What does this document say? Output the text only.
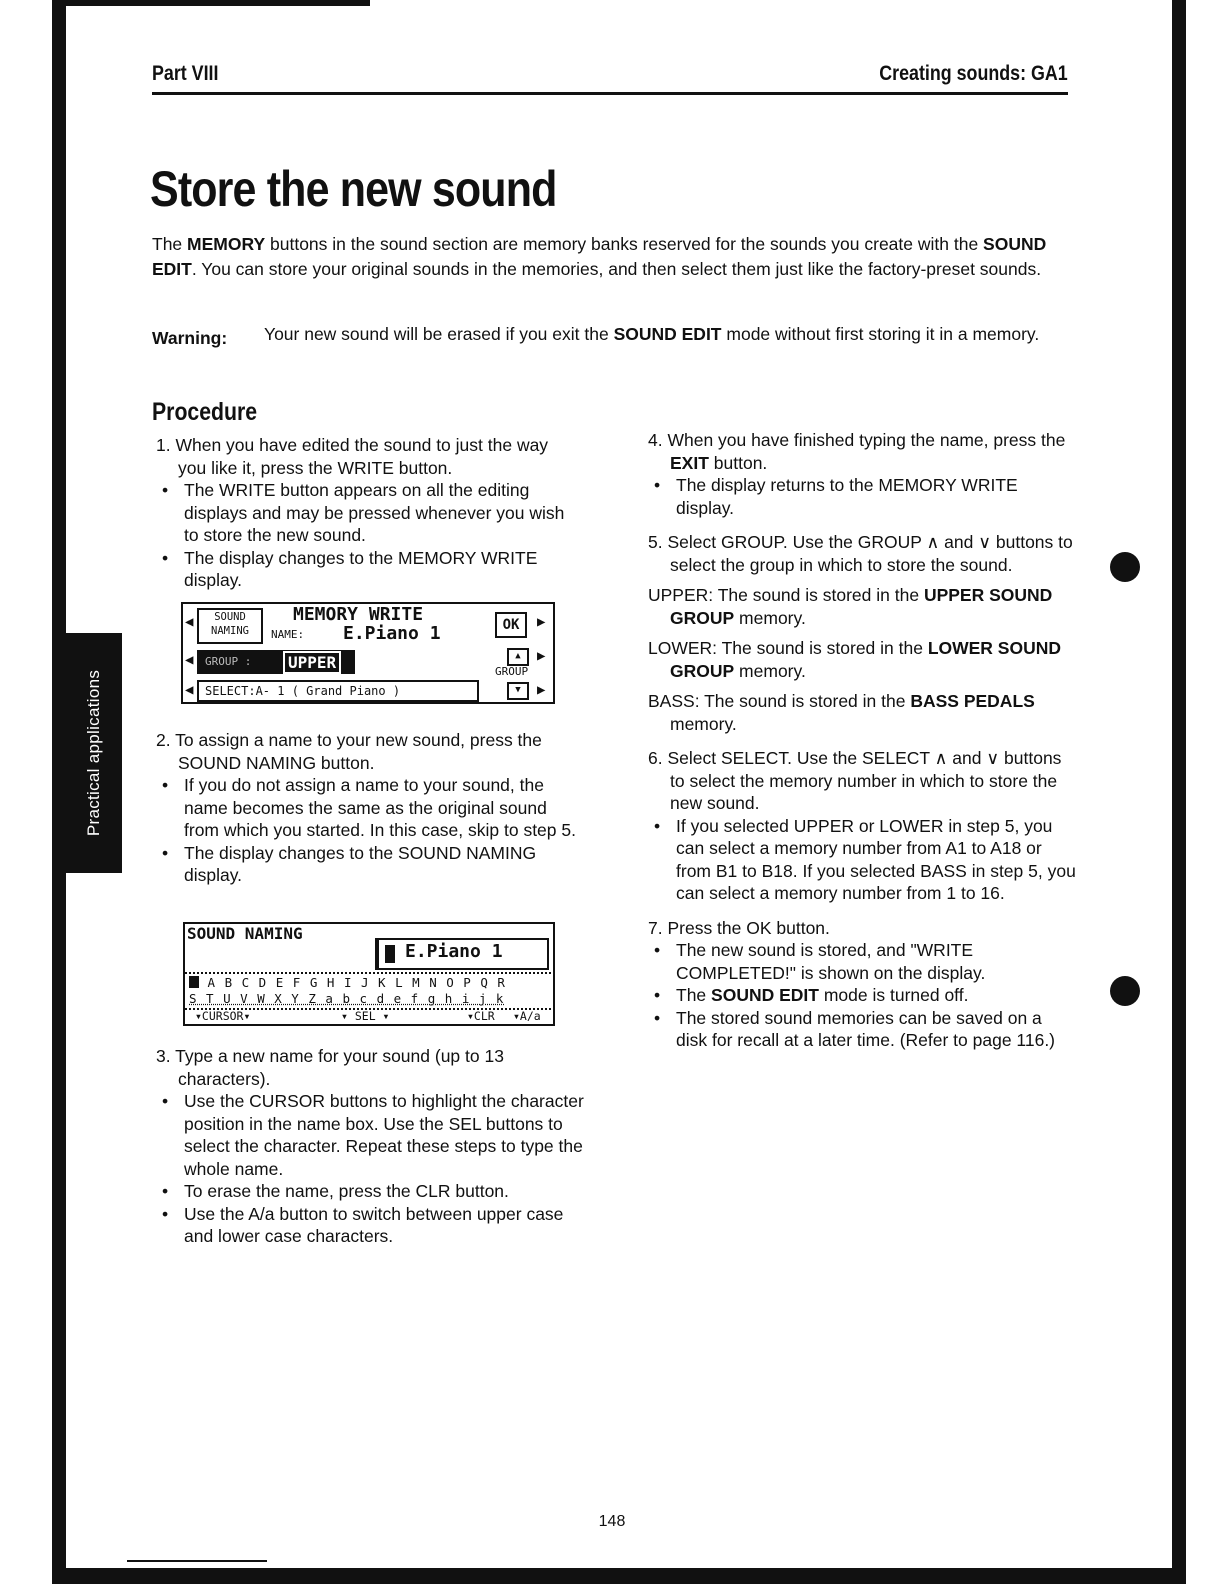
Practical applications
Part VIII	Creating sounds: GA1
Store the new sound
The MEMORY buttons in the sound section are memory banks reserved for the sounds you create with the SOUND EDIT. You can store your original sounds in the memories, and then select them just like the factory-preset sounds.
Warning: Your new sound will be erased if you exit the SOUND EDIT mode without first storing it in a memory.
Procedure

1. When you have edited the sound to just the way you like it, press the WRITE button.

• The WRITE button appears on all the editing displays and may be pressed whenever you wish to store the new sound.

• The display changes to the MEMORY WRITE display.

◀	SOUND NAMING
MEMORY WRITE
NAME: E.Piano 1	OK	▶
◀ GROUP :	UPPER	▲	▶
GROUP
◀ SELECT:A- 1 ( Grand Piano )	▼	▶

2. To assign a name to your new sound, press the SOUND NAMING button.

• If you do not assign a name to your sound, the name becomes the same as the original sound from which you started. In this case, skip to step 5.

• The display changes to the SOUND NAMING display.

SOUND NAMING
E.Piano 1
A B C D E F G H I J K L M N O P Q R
S T U V W X Y Z a b c d e f g h i j k
▾CURSOR▾	▾ SEL ▾	▾CLR ▾A/a

3. Type a new name for your sound (up to 13 characters).

• Use the CURSOR buttons to highlight the character position in the name box. Use the SEL buttons to select the character. Repeat these steps to type the whole name.

• To erase the name, press the CLR button.

• Use the A/a button to switch between upper case and lower case characters.

4. When you have finished typing the name, press the EXIT button.

• The display returns to the MEMORY WRITE display.

5. Select GROUP. Use the GROUP ∧ and ∨ buttons to select the group in which to store the sound.

UPPER: The sound is stored in the UPPER SOUND GROUP memory.

LOWER: The sound is stored in the LOWER SOUND GROUP memory.

BASS: The sound is stored in the BASS PEDALS memory.

6. Select SELECT. Use the SELECT ∧ and ∨ buttons to select the memory number in which to store the new sound.

• If you selected UPPER or LOWER in step 5, you can select a memory number from A1 to A18 or from B1 to B18. If you selected BASS in step 5, you can select a memory number from 1 to 16.

7. Press the OK button.

• The new sound is stored, and "WRITE COMPLETED!" is shown on the display.

• The SOUND EDIT mode is turned off.

• The stored sound memories can be saved on a disk for recall at a later time. (Refer to page 116.)

148
